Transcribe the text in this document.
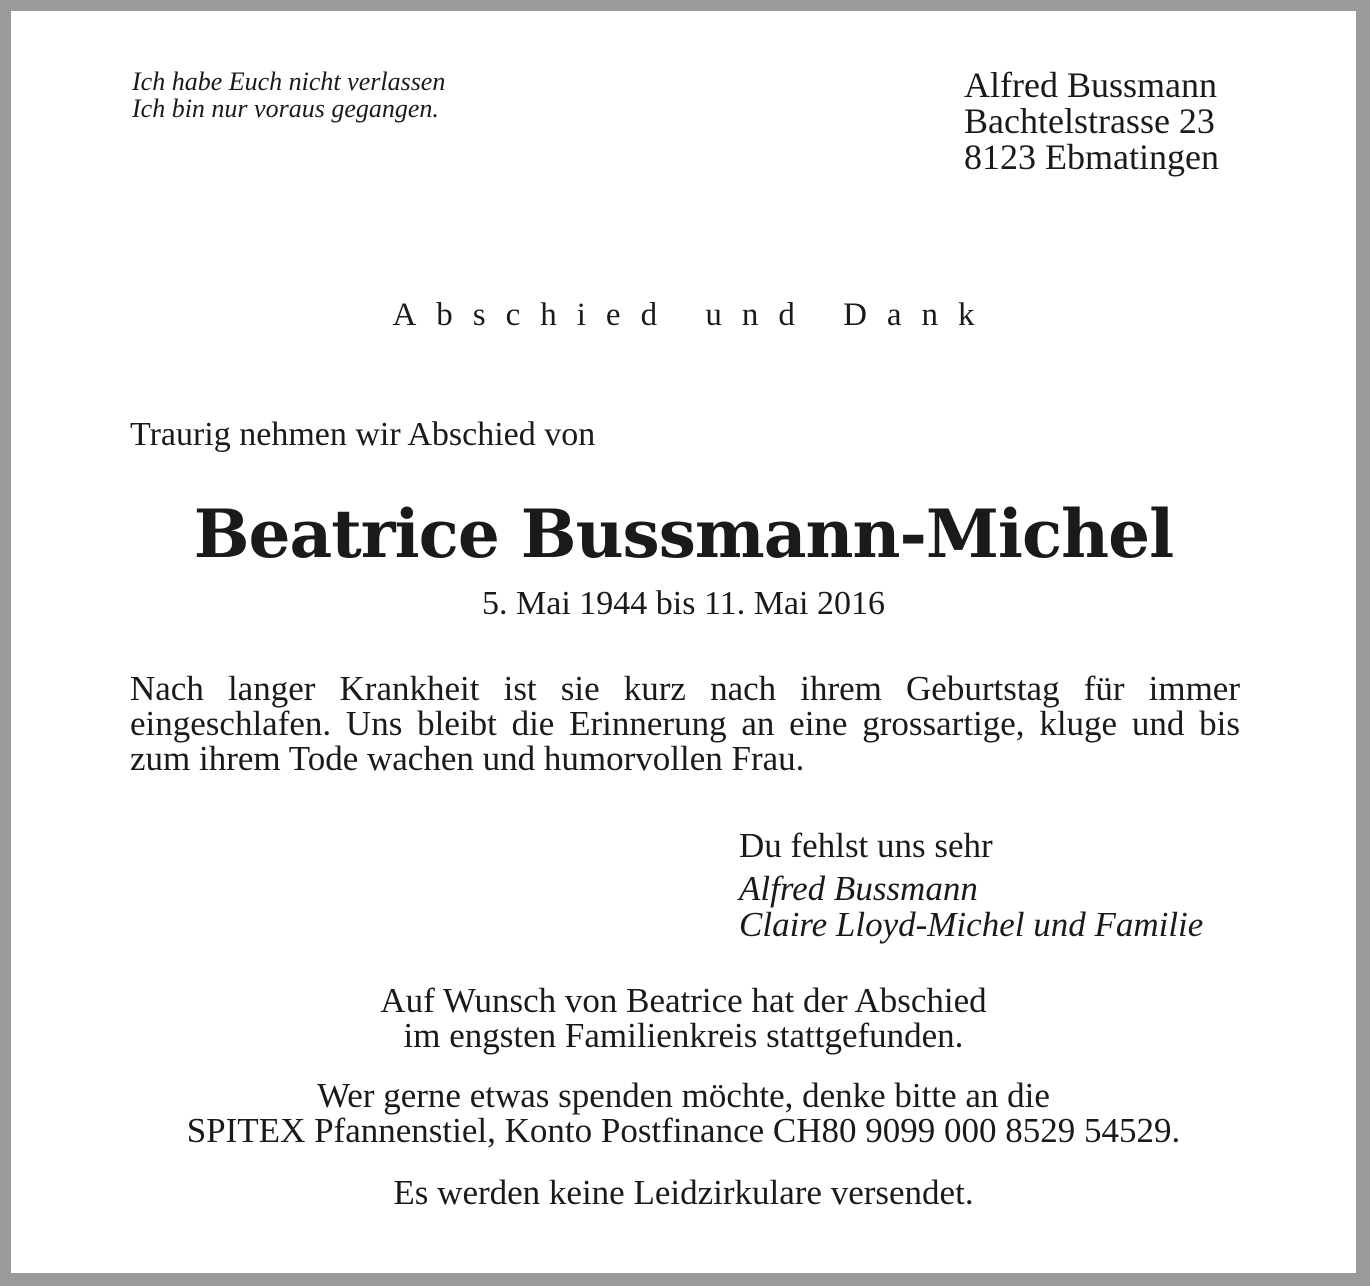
Ich habe Euch nicht verlassen
Ich bin nur voraus gegangen.
Alfred Bussmann
Bachtelstrasse 23
8123 Ebmatingen
Abschied und Dank
Traurig nehmen wir Abschied von
Beatrice Bussmann-Michel
5. Mai 1944 bis 11. Mai 2016
Nach langer Krankheit ist sie kurz nach ihrem Geburtstag für immer eingeschlafen. Uns bleibt die Erinnerung an eine grossartige, kluge und bis zum ihrem Tode wachen und humorvollen Frau.
Du fehlst uns sehr
Alfred Bussmann
Claire Lloyd-Michel und Familie
Auf Wunsch von Beatrice hat der Abschied
im engsten Familienkreis stattgefunden.
Wer gerne etwas spenden möchte, denke bitte an die
SPITEX Pfannenstiel, Konto Postfinance CH80 9099 000 8529 54529.
Es werden keine Leidzirkulare versendet.
